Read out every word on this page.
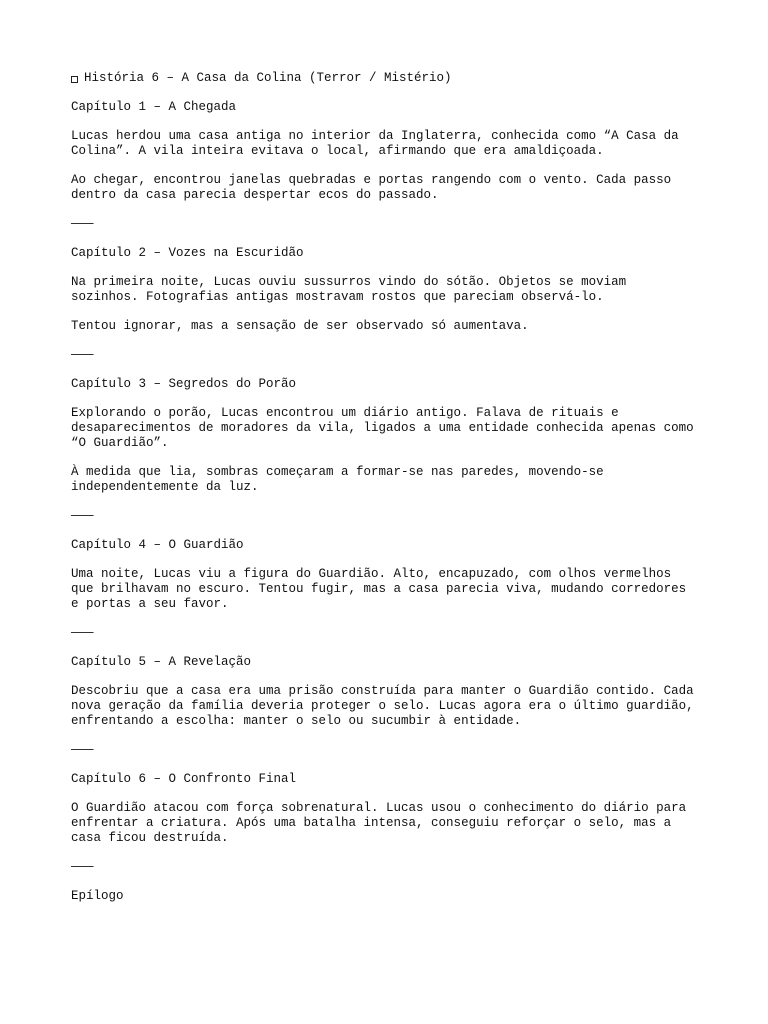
História 6 – A Casa da Colina (Terror / Mistério)

Capítulo 1 – A Chegada

Lucas herdou uma casa antiga no interior da Inglaterra, conhecida como “A Casa da
Colina”. A vila inteira evitava o local, afirmando que era amaldiçoada.
Ao chegar, encontrou janelas quebradas e portas rangendo com o vento. Cada passo
dentro da casa parecia despertar ecos do passado.

———

Capítulo 2 – Vozes na Escuridão

Na primeira noite, Lucas ouviu sussurros vindo do sótão. Objetos se moviam
sozinhos. Fotografias antigas mostravam rostos que pareciam observá-lo.
Tentou ignorar, mas a sensação de ser observado só aumentava.

———

Capítulo 3 – Segredos do Porão

Explorando o porão, Lucas encontrou um diário antigo. Falava de rituais e
desaparecimentos de moradores da vila, ligados a uma entidade conhecida apenas como
“O Guardião”.
À medida que lia, sombras começaram a formar-se nas paredes, movendo-se
independentemente da luz.

———

Capítulo 4 – O Guardião

Uma noite, Lucas viu a figura do Guardião. Alto, encapuzado, com olhos vermelhos
que brilhavam no escuro. Tentou fugir, mas a casa parecia viva, mudando corredores
e portas a seu favor.

———

Capítulo 5 – A Revelação

Descobriu que a casa era uma prisão construída para manter o Guardião contido. Cada
nova geração da família deveria proteger o selo. Lucas agora era o último guardião,
enfrentando a escolha: manter o selo ou sucumbir à entidade.

———

Capítulo 6 – O Confronto Final

O Guardião atacou com força sobrenatural. Lucas usou o conhecimento do diário para
enfrentar a criatura. Após uma batalha intensa, conseguiu reforçar o selo, mas a
casa ficou destruída.

———

Epílogo
